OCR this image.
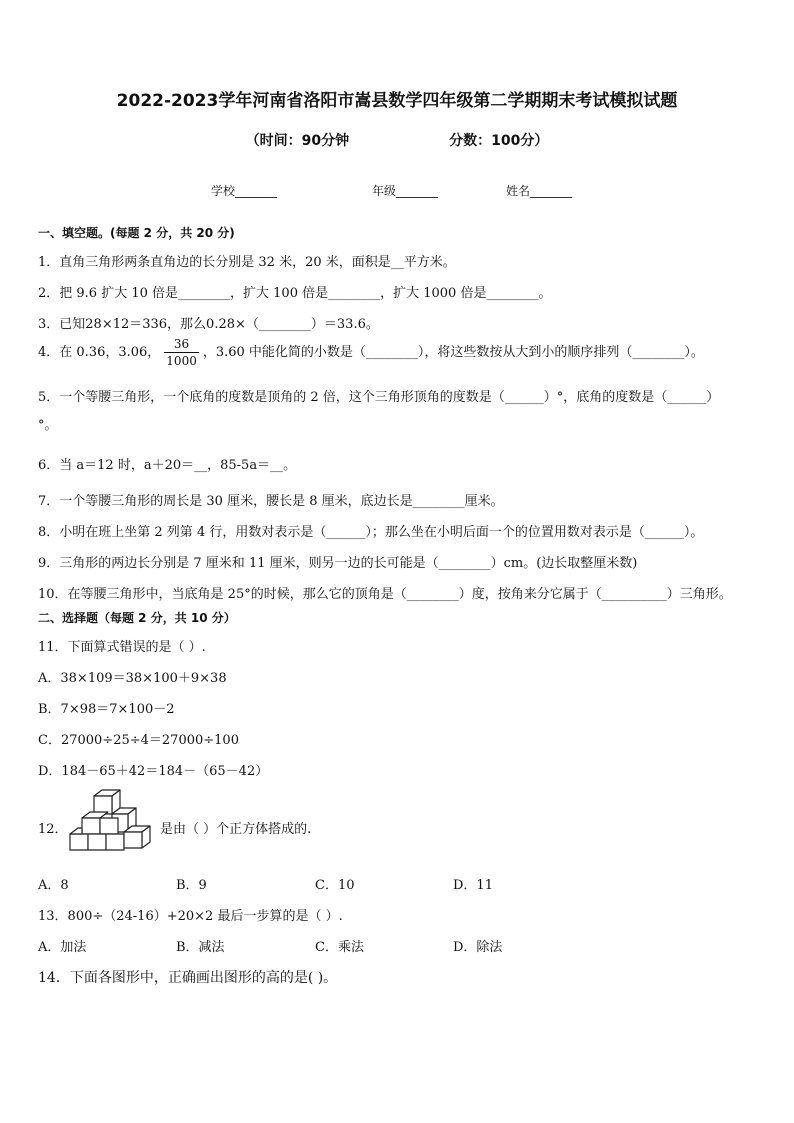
2022-2023学年河南省洛阳市嵩县数学四年级第二学期期末考试模拟试题
（时间：90分钟	分数：100分）
学校_______	年级_______	姓名_______
一、填空题。(每题 2 分，共 20 分)
1．直角三角形两条直角边的长分别是 32 米，20 米，面积是__平方米。
2．把 9.6 扩大 10 倍是________，扩大 100 倍是________，扩大 1000 倍是________。
3．已知28×12＝336，那么0.28×（________）＝33.6。
4．在 0.36，3.06， $\frac{36}{1000}$ ，3.60 中能化简的小数是（________），将这些数按从大到小的顺序排列（________）。
5．一个等腰三角形，一个底角的度数是顶角的 2 倍，这个三角形顶角的度数是（______）°，底角的度数是（______）
°。
6．当 a＝12 时，a＋20＝__，85-5a＝__。
7．一个等腰三角形的周长是 30 厘米，腰长是 8 厘米，底边长是________厘米。
8．小明在班上坐第 2 列第 4 行，用数对表示是（______）；那么坐在小明后面一个的位置用数对表示是（______）。
9．三角形的两边长分别是 7 厘米和 11 厘米，则另一边的长可能是（________）cm。(边长取整厘米数)
10．在等腰三角形中，当底角是 25°的时候，那么它的顶角是（________）度，按角来分它属于（__________）三角形。
二、选择题（每题 2 分，共 10 分）
11．下面算式错误的是（ ）.
A．38×109＝38×100＋9×38
B．7×98＝7×100－2
C．27000÷25÷4＝27000÷100
D．184－65＋42＝184－（65－42）
12．	是由（ ）个正方体搭成的.
A．8	B．9	C．10	D．11
13．800÷（24-16）+20×2 最后一步算的是（ ）.
A．加法	B．减法	C．乘法	D．除法
14．下面各图形中，正确画出图形的高的是( )。
